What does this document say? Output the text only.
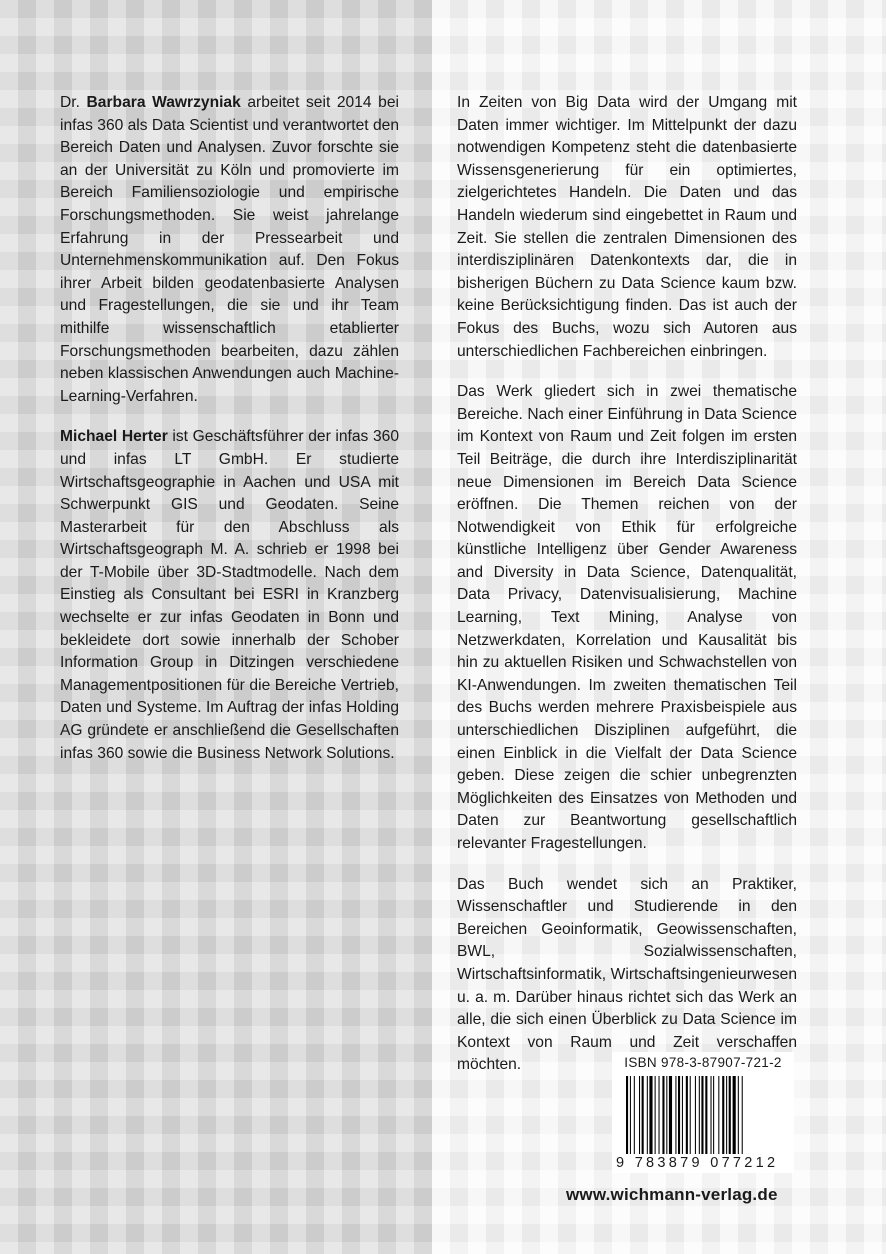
Dr. Barbara Wawrzyniak arbeitet seit 2014 bei infas 360 als Data Scientist und verantwortet den Bereich Daten und Analysen. Zuvor forschte sie an der Universität zu Köln und promovierte im Bereich Familiensoziologie und empirische Forschungsmethoden. Sie weist jahrelange Erfahrung in der Pressearbeit und Unternehmenskommunikation auf. Den Fokus ihrer Arbeit bilden geodatenbasierte Analysen und Fragestellungen, die sie und ihr Team mithilfe wissenschaftlich etablierter Forschungsmethoden bearbeiten, dazu zählen neben klassischen Anwendungen auch Machine-Learning-Verfahren.

Michael Herter ist Geschäftsführer der infas 360 und infas LT GmbH. Er studierte Wirtschaftsgeographie in Aachen und USA mit Schwerpunkt GIS und Geodaten. Seine Masterarbeit für den Abschluss als Wirtschaftsgeograph M. A. schrieb er 1998 bei der T-Mobile über 3D-Stadtmodelle. Nach dem Einstieg als Consultant bei ESRI in Kranzberg wechselte er zur infas Geodaten in Bonn und bekleidete dort sowie innerhalb der Schober Information Group in Ditzingen verschiedene Managementpositionen für die Bereiche Vertrieb, Daten und Systeme. Im Auftrag der infas Holding AG gründete er anschließend die Gesellschaften infas 360 sowie die Business Network Solutions.

In Zeiten von Big Data wird der Umgang mit Daten immer wichtiger. Im Mittelpunkt der dazu notwendigen Kompetenz steht die datenbasierte Wissensgenerierung für ein optimiertes, zielgerichtetes Handeln. Die Daten und das Handeln wiederum sind eingebettet in Raum und Zeit. Sie stellen die zentralen Dimensionen des interdisziplinären Datenkontexts dar, die in bisherigen Büchern zu Data Science kaum bzw. keine Berücksichtigung finden. Das ist auch der Fokus des Buchs, wozu sich Autoren aus unterschiedlichen Fachbereichen einbringen.

Das Werk gliedert sich in zwei thematische Bereiche. Nach einer Einführung in Data Science im Kontext von Raum und Zeit folgen im ersten Teil Beiträge, die durch ihre Interdisziplinarität neue Dimensionen im Bereich Data Science eröffnen. Die Themen reichen von der Notwendigkeit von Ethik für erfolgreiche künstliche Intelligenz über Gender Awareness and Diversity in Data Science, Datenqualität, Data Privacy, Datenvisualisierung, Machine Learning, Text Mining, Analyse von Netzwerkdaten, Korrelation und Kausalität bis hin zu aktuellen Risiken und Schwachstellen von KI-Anwendungen. Im zweiten thematischen Teil des Buchs werden mehrere Praxisbeispiele aus unterschiedlichen Disziplinen aufgeführt, die einen Einblick in die Vielfalt der Data Science geben. Diese zeigen die schier unbegrenzten Möglichkeiten des Einsatzes von Methoden und Daten zur Beantwortung gesellschaftlich relevanter Fragestellungen.

Das Buch wendet sich an Praktiker, Wissenschaftler und Studierende in den Bereichen Geoinformatik, Geowissenschaften, BWL, Sozialwissenschaften, Wirtschaftsinformatik, Wirtschaftsingenieurwesen u. a. m. Darüber hinaus richtet sich das Werk an alle, die sich einen Überblick zu Data Science im Kontext von Raum und Zeit verschaffen möchten.	ISBN 978-3-87907-721-2
9 783879 077212
www.wichmann-verlag.de
